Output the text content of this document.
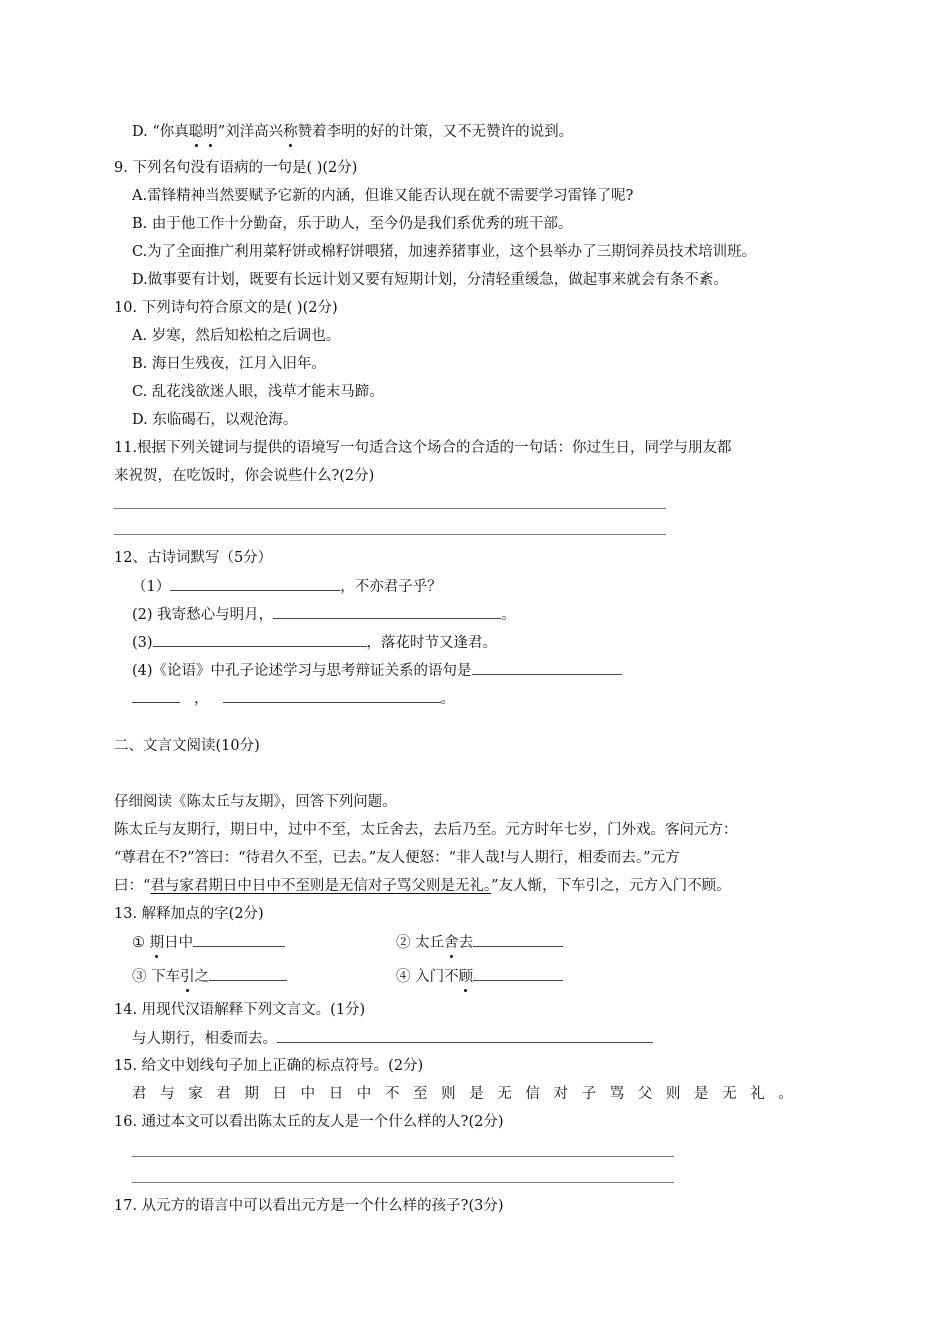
D. “你真聪明”刘洋高兴称赞着李明的好的计策，又不无赞许的说到。
9. 下列名句没有语病的一句是( )(2分)
A.雷锋精神当然要赋予它新的内涵，但谁又能否认现在就不需要学习雷锋了呢?
B. 由于他工作十分勤奋，乐于助人，至今仍是我们系优秀的班干部。
C.为了全面推广利用菜籽饼或棉籽饼喂猪，加速养猪事业，这个县举办了三期饲养员技术培训班。
D.做事要有计划，既要有长远计划又要有短期计划，分清轻重缓急，做起事来就会有条不紊。
10. 下列诗句符合原文的是( )(2分)
A. 岁寒，然后知松柏之后调也。
B. 海日生残夜，江月入旧年。
C. 乱花浅欲迷人眼，浅草才能末马蹄。
D. 东临碣石，以观沧海。
11.根据下列关键词与提供的语境写一句适合这个场合的合适的一句话：你过生日，同学与朋友都
来祝贺，在吃饭时，你会说些什么?(2分)
12、古诗词默写（5分）
（1）	，不亦君子乎？
(2) 我寄愁心与明月，	。
(3)	，落花时节又逢君。
(4)《论语》中孔子论述学习与思考辩证关系的语句是
，	。
二、文言文阅读(10分)
仔细阅读《陈太丘与友期》，回答下列问题。
陈太丘与友期行，期日中，过中不至，太丘舍去，去后乃至。元方时年七岁，门外戏。客问元方：
“尊君在不?”答曰：“待君久不至，已去。”友人便怒：“非人哉!与人期行，相委而去。”元方
曰：“君与家君期日中日中不至则是无信对子骂父则是无礼。”友人惭，下车引之，元方入门不顾。
13. 解释加点的字(2分)
① 期日中	② 太丘舍去
③ 下车引之	④ 入门不顾
14. 用现代汉语解释下列文言文。(1分)
与人期行，相委而去。
15. 给文中划线句子加上正确的标点符号。(2分)
君与家君期日中日中不至则是无信对子骂父则是无礼。
16. 通过本文可以看出陈太丘的友人是一个什么样的人?(2分)
17. 从元方的语言中可以看出元方是一个什么样的孩子?(3分)
